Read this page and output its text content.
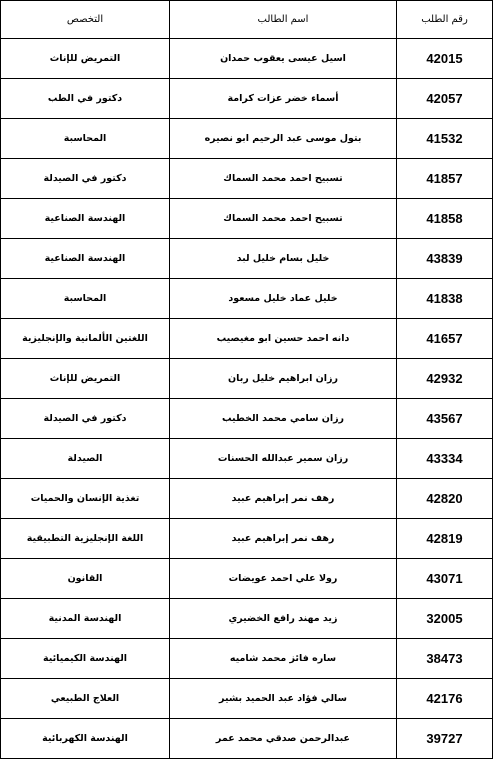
رقم الطلب	اسم الطالب	التخصص
42015	اسيل عيسى يعقوب حمدان	التمريض للإناث
42057	أسماء خضر عزات كرامة	دكتور في الطب
41532	بتول موسى عبد الرحيم ابو نصيره	المحاسبة
41857	تسبيح احمد محمد السماك	دكتور في الصيدلة
41858	تسبيح احمد محمد السماك	الهندسة الصناعية
43839	خليل بسام خليل لبد	الهندسة الصناعية
41838	خليل عماد خليل مسعود	المحاسبة
41657	دانه احمد حسين ابو مغيصيب	اللغتين الألمانية والإنجليزية
42932	رزان ابراهيم خليل ربان	التمريض للإناث
43567	رزان سامي محمد الخطيب	دكتور في الصيدلة
43334	رزان سمير عبدالله الحسنات	الصيدلة
42820	رهف نمر إبراهيم عبيد	تغذية الإنسان والحميات
42819	رهف نمر إبراهيم عبيد	اللغة الإنجليزية التطبيقية
43071	رولا علي احمد عويضات	القانون
32005	زيد مهند رافع الخضيري	الهندسة المدنية
38473	ساره فائز محمد شاميه	الهندسة الكيميائية
42176	سالي فؤاد عبد الحميد بشير	العلاج الطبيعي
39727	عبدالرحمن صدقي محمد عمر	الهندسة الكهربائية
